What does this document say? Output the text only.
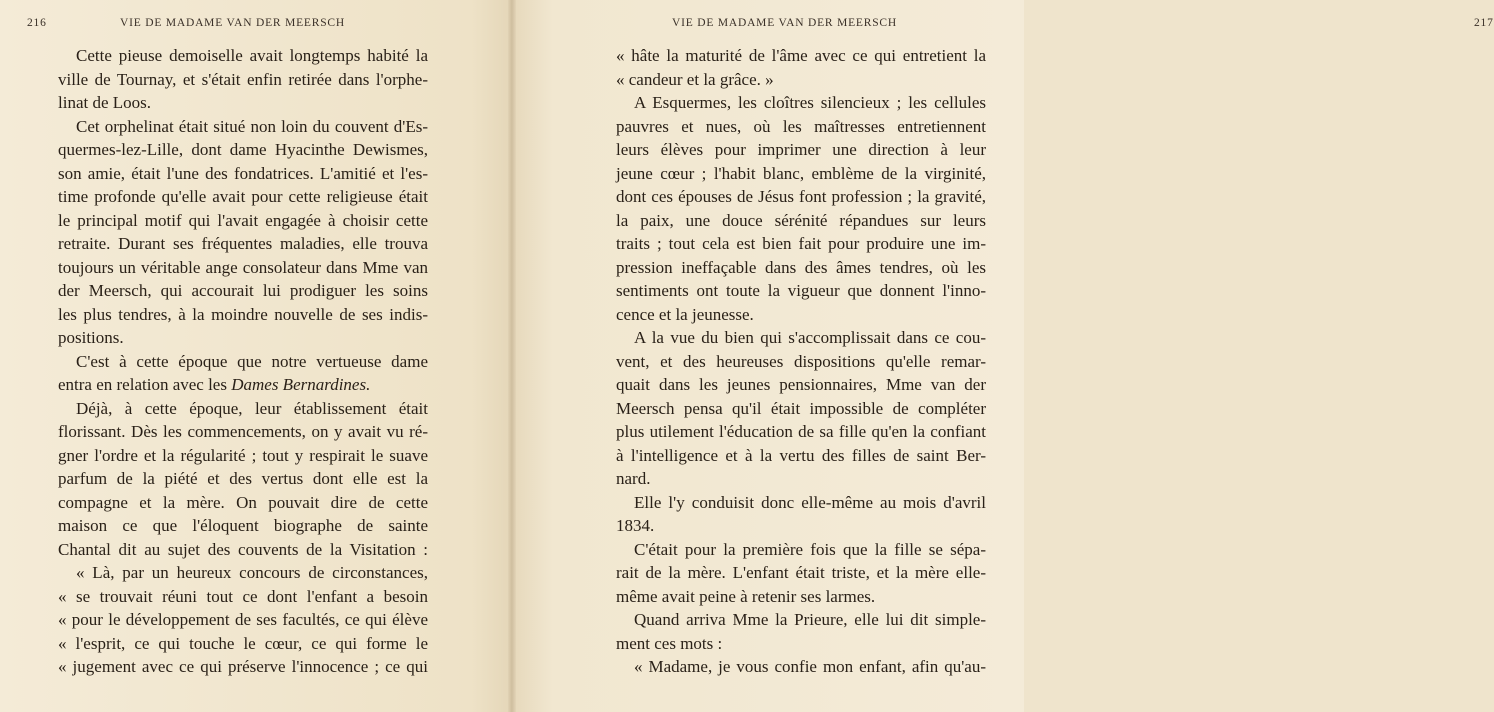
216	VIE DE MADAME VAN DER MEERSCH
Cette pieuse demoiselle avait longtemps habité la
ville de Tournay, et s'était enfin retirée dans l'orphe-
linat de Loos.
Cet orphelinat était situé non loin du couvent d'Es-
quermes-lez-Lille, dont dame Hyacinthe Dewismes,
son amie, était l'une des fondatrices. L'amitié et l'es-
time profonde qu'elle avait pour cette religieuse était
le principal motif qui l'avait engagée à choisir cette
retraite. Durant ses fréquentes maladies, elle trouva
toujours un véritable ange consolateur dans Mme van
der Meersch, qui accourait lui prodiguer les soins
les plus tendres, à la moindre nouvelle de ses indis-
positions.
C'est à cette époque que notre vertueuse dame
entra en relation avec les Dames Bernardines.
Déjà, à cette époque, leur établissement était
florissant. Dès les commencements, on y avait vu ré-
gner l'ordre et la régularité ; tout y respirait le suave
parfum de la piété et des vertus dont elle est la
compagne et la mère. On pouvait dire de cette
maison ce que l'éloquent biographe de sainte
Chantal dit au sujet des couvents de la Visitation :
« Là, par un heureux concours de circonstances,
« se trouvait réuni tout ce dont l'enfant a besoin
« pour le développement de ses facultés, ce qui élève
« l'esprit, ce qui touche le cœur, ce qui forme le
« jugement avec ce qui préserve l'innocence ; ce qui
VIE DE MADAME VAN DER MEERSCH	217
« hâte la maturité de l'âme avec ce qui entretient la
« candeur et la grâce. »
A Esquermes, les cloîtres silencieux ; les cellules
pauvres et nues, où les maîtresses entretiennent
leurs élèves pour imprimer une direction à leur
jeune cœur ; l'habit blanc, emblème de la virginité,
dont ces épouses de Jésus font profession ; la gravité,
la paix, une douce sérénité répandues sur leurs
traits ; tout cela est bien fait pour produire une im-
pression ineffaçable dans des âmes tendres, où les
sentiments ont toute la vigueur que donnent l'inno-
cence et la jeunesse.
A la vue du bien qui s'accomplissait dans ce cou-
vent, et des heureuses dispositions qu'elle remar-
quait dans les jeunes pensionnaires, Mme van der
Meersch pensa qu'il était impossible de compléter
plus utilement l'éducation de sa fille qu'en la confiant
à l'intelligence et à la vertu des filles de saint Ber-
nard.
Elle l'y conduisit donc elle-même au mois d'avril
1834.
C'était pour la première fois que la fille se sépa-
rait de la mère. L'enfant était triste, et la mère elle-
même avait peine à retenir ses larmes.
Quand arriva Mme la Prieure, elle lui dit simple-
ment ces mots :
« Madame, je vous confie mon enfant, afin qu'au-
